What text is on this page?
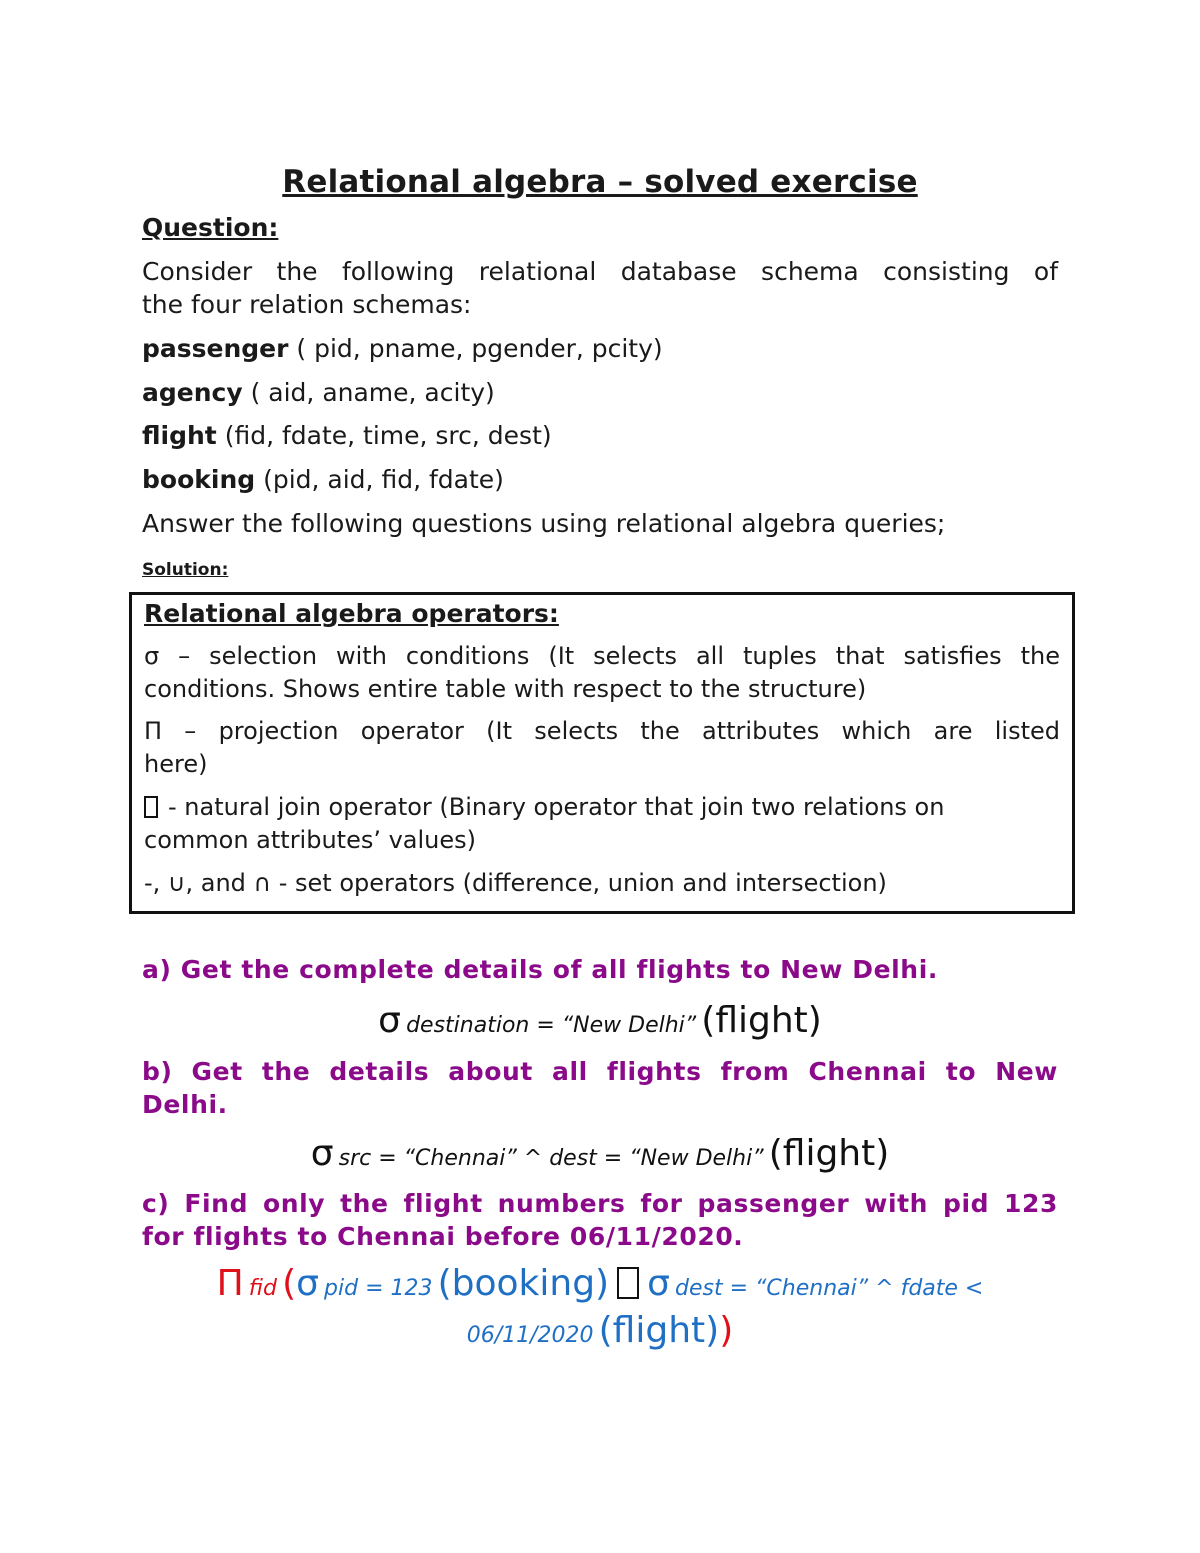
Relational algebra – solved exercise
Question:
Consider the following relational database schema consisting of
the four relation schemas:
passenger ( pid, pname, pgender, pcity)
agency ( aid, aname, acity)
flight (fid, fdate, time, src, dest)
booking (pid, aid, fid, fdate)
Answer the following questions using relational algebra queries;
Solution:
Relational algebra operators:
σ – selection with conditions (It selects all tuples that satisfies the
conditions. Shows entire table with respect to the structure)
Π – projection operator (It selects the attributes which are listed
here)
- natural join operator (Binary operator that join two relations on
common attributes’ values)
-, ∪, and ∩ - set operators (difference, union and intersection)
a) Get the complete details of all flights to New Delhi.
σ destination = “New Delhi” (flight)
b) Get the details about all flights from Chennai to New
Delhi.
σ src = “Chennai” ^ dest = “New Delhi” (flight)
c) Find only the flight numbers for passenger with pid 123
for flights to Chennai before 06/11/2020.
Π fid (σ pid = 123 (booking) σ dest = “Chennai” ^ fdate <
06/11/2020 (flight))
